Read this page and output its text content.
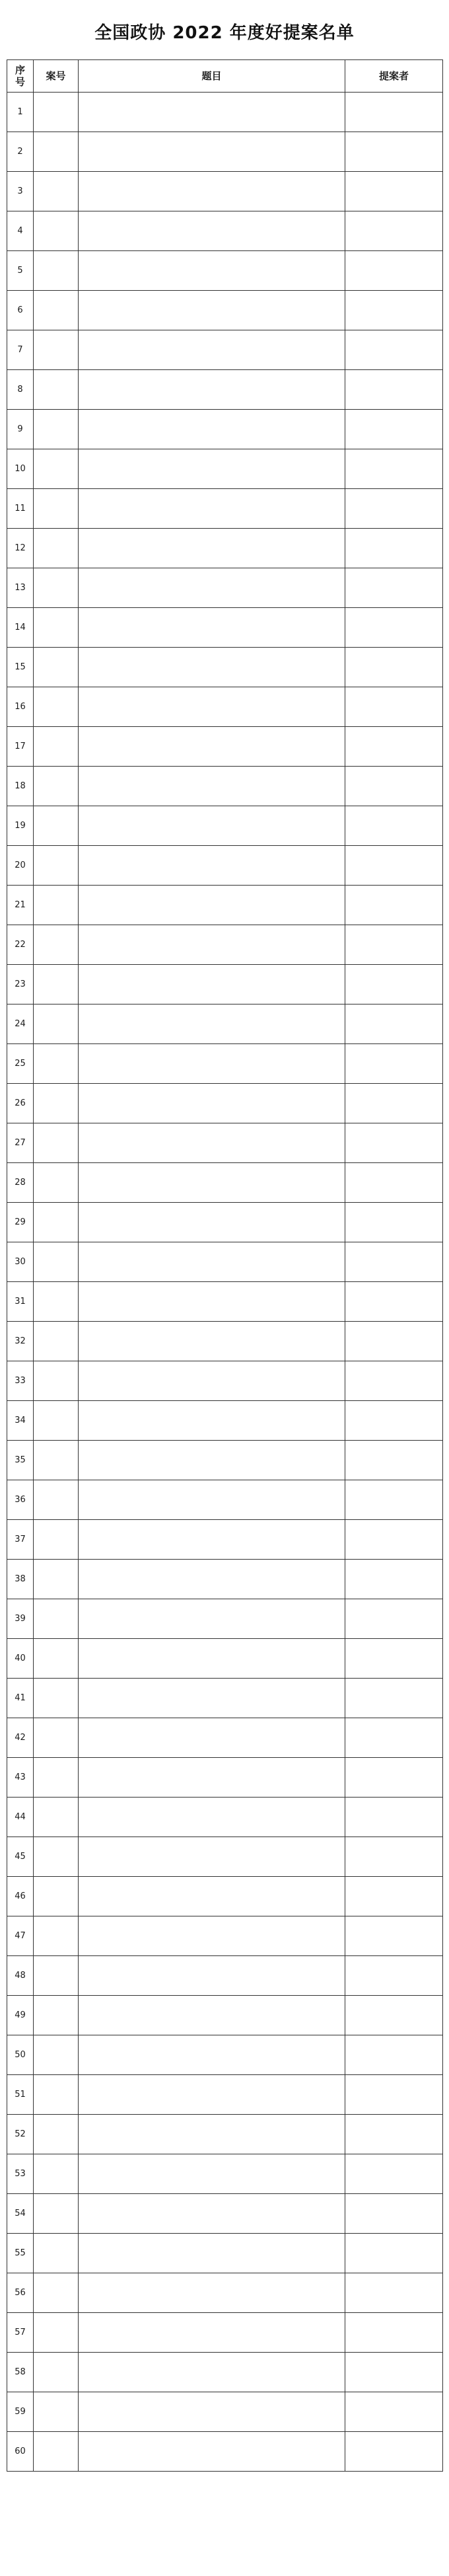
全国政协 2022 年度好提案名单
序号	案号	题目	提案者
1			
2			
3			
4			
5			
6			
7			
8			
9			
10			
11			
12			
13			
14			
15			
16			
17			
18			
19			
20			
21			
22			
23			
24			
25			
26			
27			
28			
29			
30			
31			
32			
33			
34			
35			
36			
37			
38			
39			
40			
41			
42			
43			
44			
45			
46			
47			
48			
49			
50			
51			
52			
53			
54			
55			
56			
57			
58			
59			
60			
